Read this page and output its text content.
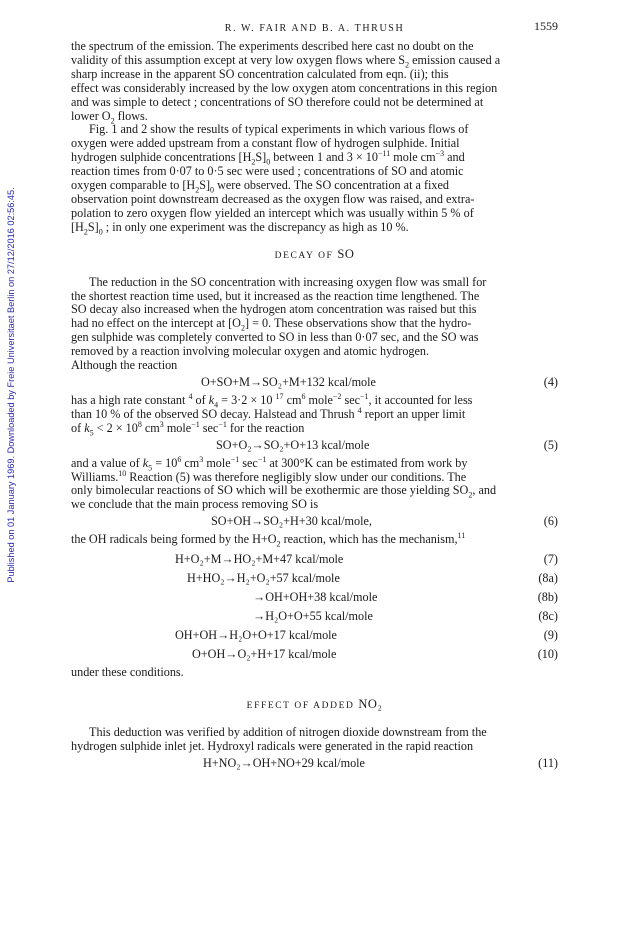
Published on 01 January 1969. Downloaded by Freie Universitaet Berlin on 27/12/2016 02:56:45.
R. W. FAIR AND B. A. THRUSH	1559

the spectrum of the emission. The experiments described here cast no doubt on the
validity of this assumption except at very low oxygen flows where $S_2$ emission caused a
sharp increase in the apparent SO concentration calculated from eqn. (ii); this
effect was considerably increased by the low oxygen atom concentrations in this region
and was simple to detect ; concentrations of SO therefore could not be determined at
lower $O_2$ flows.

Fig. 1 and 2 show the results of typical experiments in which various flows of
oxygen were added upstream from a constant flow of hydrogen sulphide. Initial
hydrogen sulphide concentrations $[H_2S]_0$ between 1 and $3 \times 10^{-11}$ mole $cm^{-3}$ and
reaction times from 0·07 to 0·5 sec were used ; concentrations of SO and atomic
oxygen comparable to $[H_2S]_0$ were observed. The SO concentration at a fixed
observation point downstream decreased as the oxygen flow was raised, and extra-
polation to zero oxygen flow yielded an intercept which was usually within 5 % of
$[H_2S]_0$ ; in only one experiment was the discrepancy as high as 10 %.

DECAY OF SO

The reduction in the SO concentration with increasing oxygen flow was small for
the shortest reaction time used, but it increased as the reaction time lengthened. The
SO decay also increased when the hydrogen atom concentration was raised but this
had no effect on the intercept at $[O_2] = 0$. These observations show that the hydro-
gen sulphide was completely converted to SO in less than 0·07 sec, and the SO was
removed by a reaction involving molecular oxygen and atomic hydrogen.
Although the reaction

O+SO+M→SO₂+M+132 kcal/mole	(4)

has a high rate constant $^4$ of $k_4 = 3\cdot 2 \times 10$ $^{17}$ $cm^6$ mole$^{-2}$ $\sec^{-1}$, it accounted for less
than 10 % of the observed SO decay. Halstead and Thrush $^4$ report an upper limit
of $k_5 < 2 \times 10^8$ $cm^3$ mole$^{-1}$ $\sec^{-1}$ for the reaction

SO+O₂→SO₂+O+13 kcal/mole	(5)

and a value of $k_5 = 10^6$ $cm^3$ mole$^{-1}$ $\sec^{-1}$ at 300°K can be estimated from work by
Williams.$^{10}$ Reaction (5) was therefore negligibly slow under our conditions. The
only bimolecular reactions of SO which will be exothermic are those yielding $SO_2$, and
we conclude that the main process removing SO is

SO+OH→SO₂+H+30 kcal/mole,	(6)

the OH radicals being formed by the $H+O_2$ reaction, which has the mechanism,$^{11}$

H+O₂+M→HO₂+M+47 kcal/mole	(7)
H+HO₂→H₂+O₂+57 kcal/mole	(8a)
→OH+OH+38 kcal/mole	(8b)
→H₂O+O+55 kcal/mole	(8c)
OH+OH→H₂O+O+17 kcal/mole	(9)
O+OH→O₂+H+17 kcal/mole	(10)

under these conditions.

EFFECT OF ADDED NO₂

This deduction was verified by addition of nitrogen dioxide downstream from the
hydrogen sulphide inlet jet. Hydroxyl radicals were generated in the rapid reaction

H+NO₂→OH+NO+29 kcal/mole	(11)
